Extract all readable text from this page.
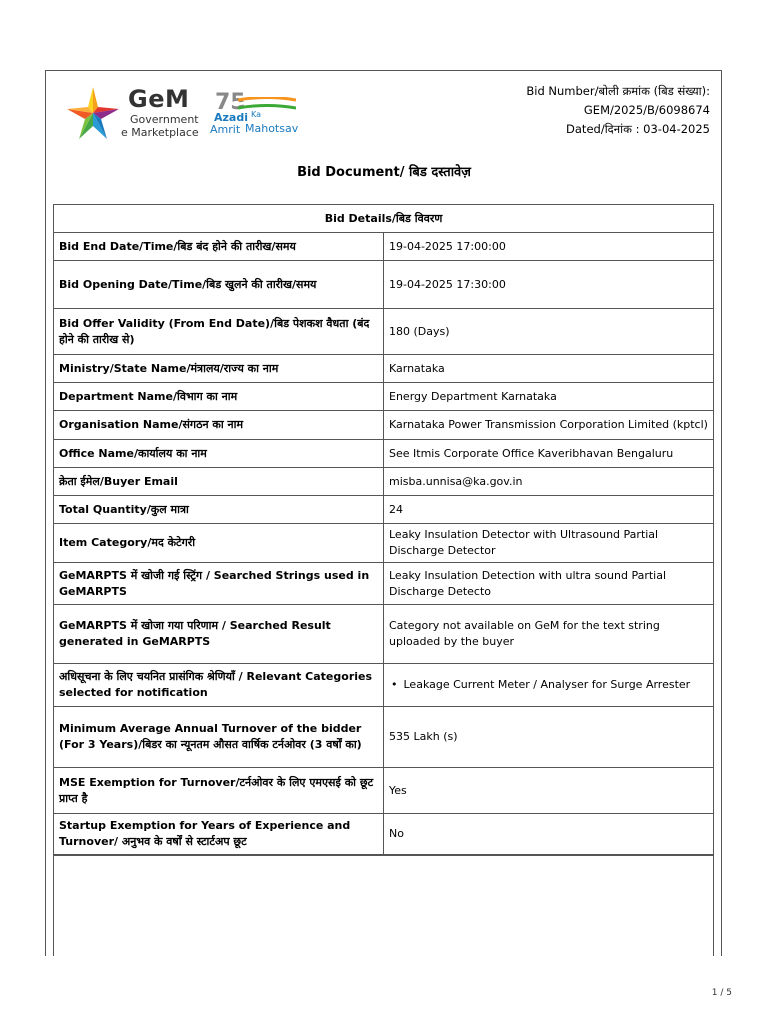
GeM
Government
e Marketplace
75
Azadi Ka
Amrit Mahotsav
Bid Number/बोली क्रमांक (बिड संख्या):
GEM/2025/B/6098674
Dated/दिनांक : 03-04-2025
Bid Document/ बिड दस्तावेज़
Bid Details/बिड विवरण	
Bid End Date/Time/बिड बंद होने की तारीख/समय	19-04-2025 17:00:00
Bid Opening Date/Time/बिड खुलने की तारीख/समय	19-04-2025 17:30:00
Bid Offer Validity (From End Date)/बिड पेशकश वैधता (बंद होने की तारीख से)	180 (Days)
Ministry/State Name/मंत्रालय/राज्य का नाम	Karnataka
Department Name/विभाग का नाम	Energy Department Karnataka
Organisation Name/संगठन का नाम	Karnataka Power Transmission Corporation Limited (kptcl)
Office Name/कार्यालय का नाम	See Itmis Corporate Office Kaveribhavan Bengaluru
क्रेता ईमेल/Buyer Email	misba.unnisa@ka.gov.in
Total Quantity/कुल मात्रा	24
Item Category/मद केटेगरी	Leaky Insulation Detector with Ultrasound Partial Discharge Detector
GeMARPTS में खोजी गई स्ट्रिंग / Searched Strings used in GeMARPTS	Leaky Insulation Detection with ultra sound Partial Discharge Detecto
GeMARPTS में खोजा गया परिणाम / Searched Result generated in GeMARPTS	Category not available on GeM for the text string uploaded by the buyer
अधिसूचना के लिए चयनित प्रासंगिक श्रेणियाँ / Relevant Categories selected for notification	• Leakage Current Meter / Analyser for Surge Arrester
Minimum Average Annual Turnover of the bidder (For 3 Years)/बिडर का न्यूनतम औसत वार्षिक टर्नओवर (3 वर्षों का)	535 Lakh (s)
MSE Exemption for Turnover/टर्नओवर के लिए एमएसई को छूट प्राप्त है	Yes
Startup Exemption for Years of Experience and Turnover/ अनुभव के वर्षों से स्टार्टअप छूट	No
1 / 5
